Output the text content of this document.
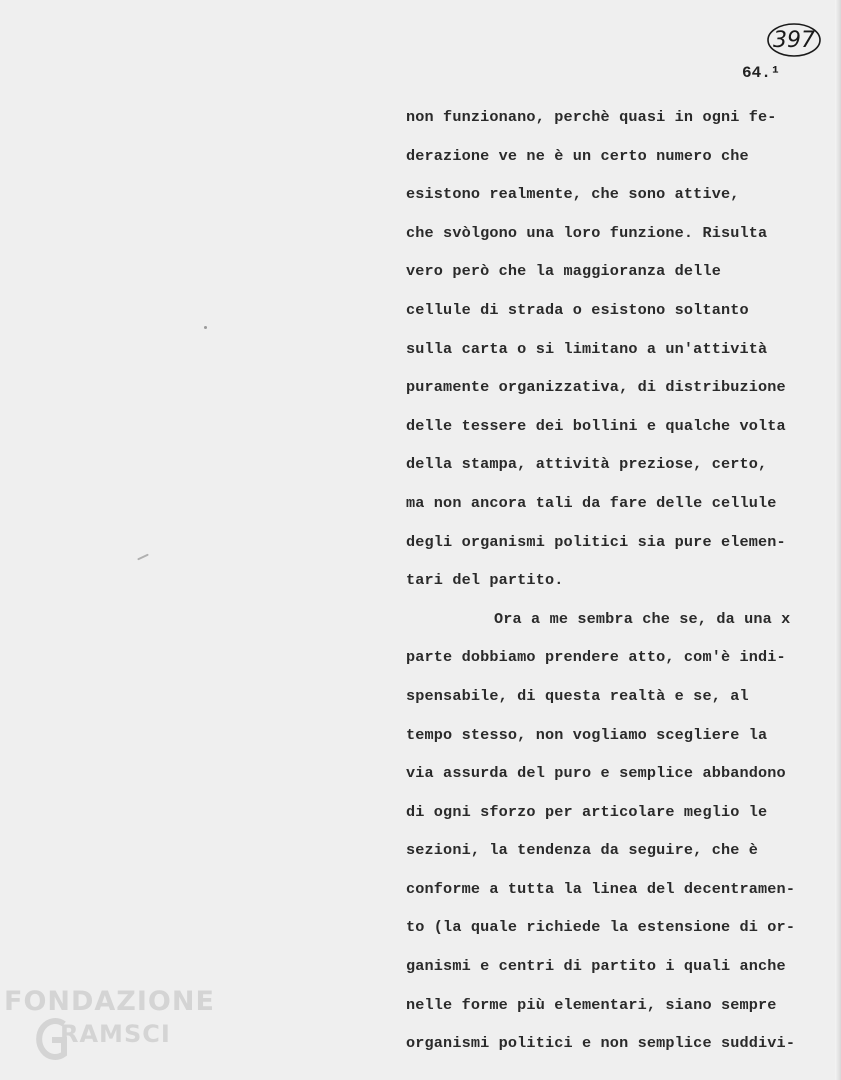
397
64.¹
non funzionano, perchè quasi in ogni fe-
derazione ve ne è un certo numero che
esistono realmente, che sono attive,
che svòlgono una loro funzione. Risulta
vero però che la maggioranza delle
cellule di strada o esistono soltanto
sulla carta o si limitano a un'attività
puramente organizzativa, di distribuzione
delle tessere dei bollini e qualche volta
della stampa, attività preziose, certo,
ma non ancora tali da fare delle cellule
degli organismi politici sia pure elemen-
tari del partito.
Ora a me sembra che se, da una x
parte dobbiamo prendere atto, com'è indi-
spensabile, di questa realtà e se, al
tempo stesso, non vogliamo scegliere la
via assurda del puro e semplice abbandono
di ogni sforzo per articolare meglio le
sezioni, la tendenza da seguire, che è
conforme a tutta la linea del decentramen-
to (la quale richiede la estensione di or-
ganismi e centri di partito i quali anche
nelle forme più elementari, siano sempre
organismi politici e non semplice suddivi-
FONDAZIONE
RAMSCI
